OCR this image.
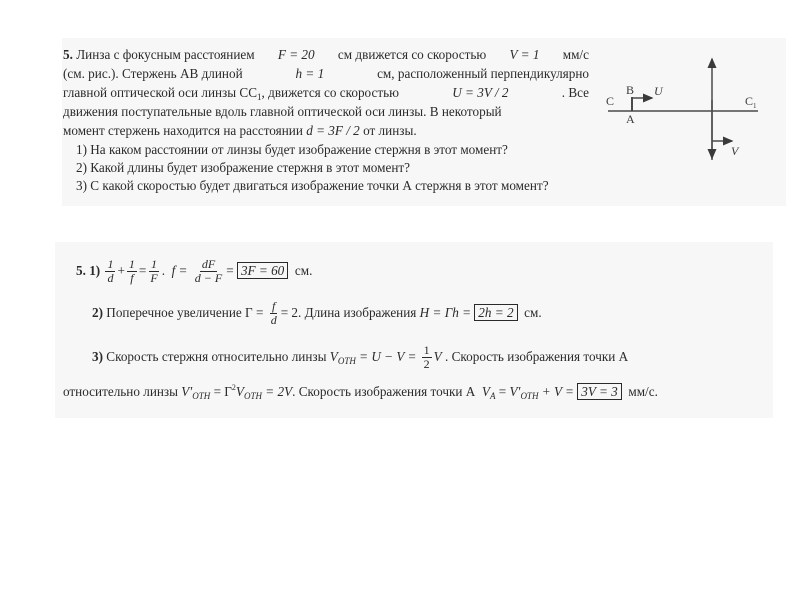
5. Линза с фокусным расстоянием F = 20 см движется со скоростью V = 1 мм/с
(см. рис.). Стержень АВ длиной	h = 1	см, расположенный перпендикулярно
главной оптической оси линзы $СС_1$, движется со скоростью	U = 3V / 2	. Все
движения поступательные вдоль главной оптической оси линзы. В некоторый
момент стержень находится на расстоянии d = 3F / 2 от линзы.
1) На каком расстоянии от линзы будет изображение стержня в этот момент?
2) Какой длины будет изображение стержня в этот момент?
3) С какой скоростью будет двигаться изображение точки А стержня в этот момент?
C	C 1
A
B U
V
5. $1) \frac{1}{d} + \frac{1}{f} = \frac{1}{F}$ .  $f = \frac{dF}{d - F} = 3F = 60$ см.
2) Поперечное увеличение $\Gamma = \frac{f}{d} = 2$. Длина изображения H = Γh = 2h = 2 см.
3) Скорость стержня относительно линзы $V_{ОТН} = U - V = \frac{1}{2}$ V . Скорость изображения точки А
относительно линзы $V'_{ОТН} = \Gamma^2V_{ОТН} = 2V$. Скорость изображения точки А $V_A = V'_{ОТН} + V = 3V = 3$ мм/с.
